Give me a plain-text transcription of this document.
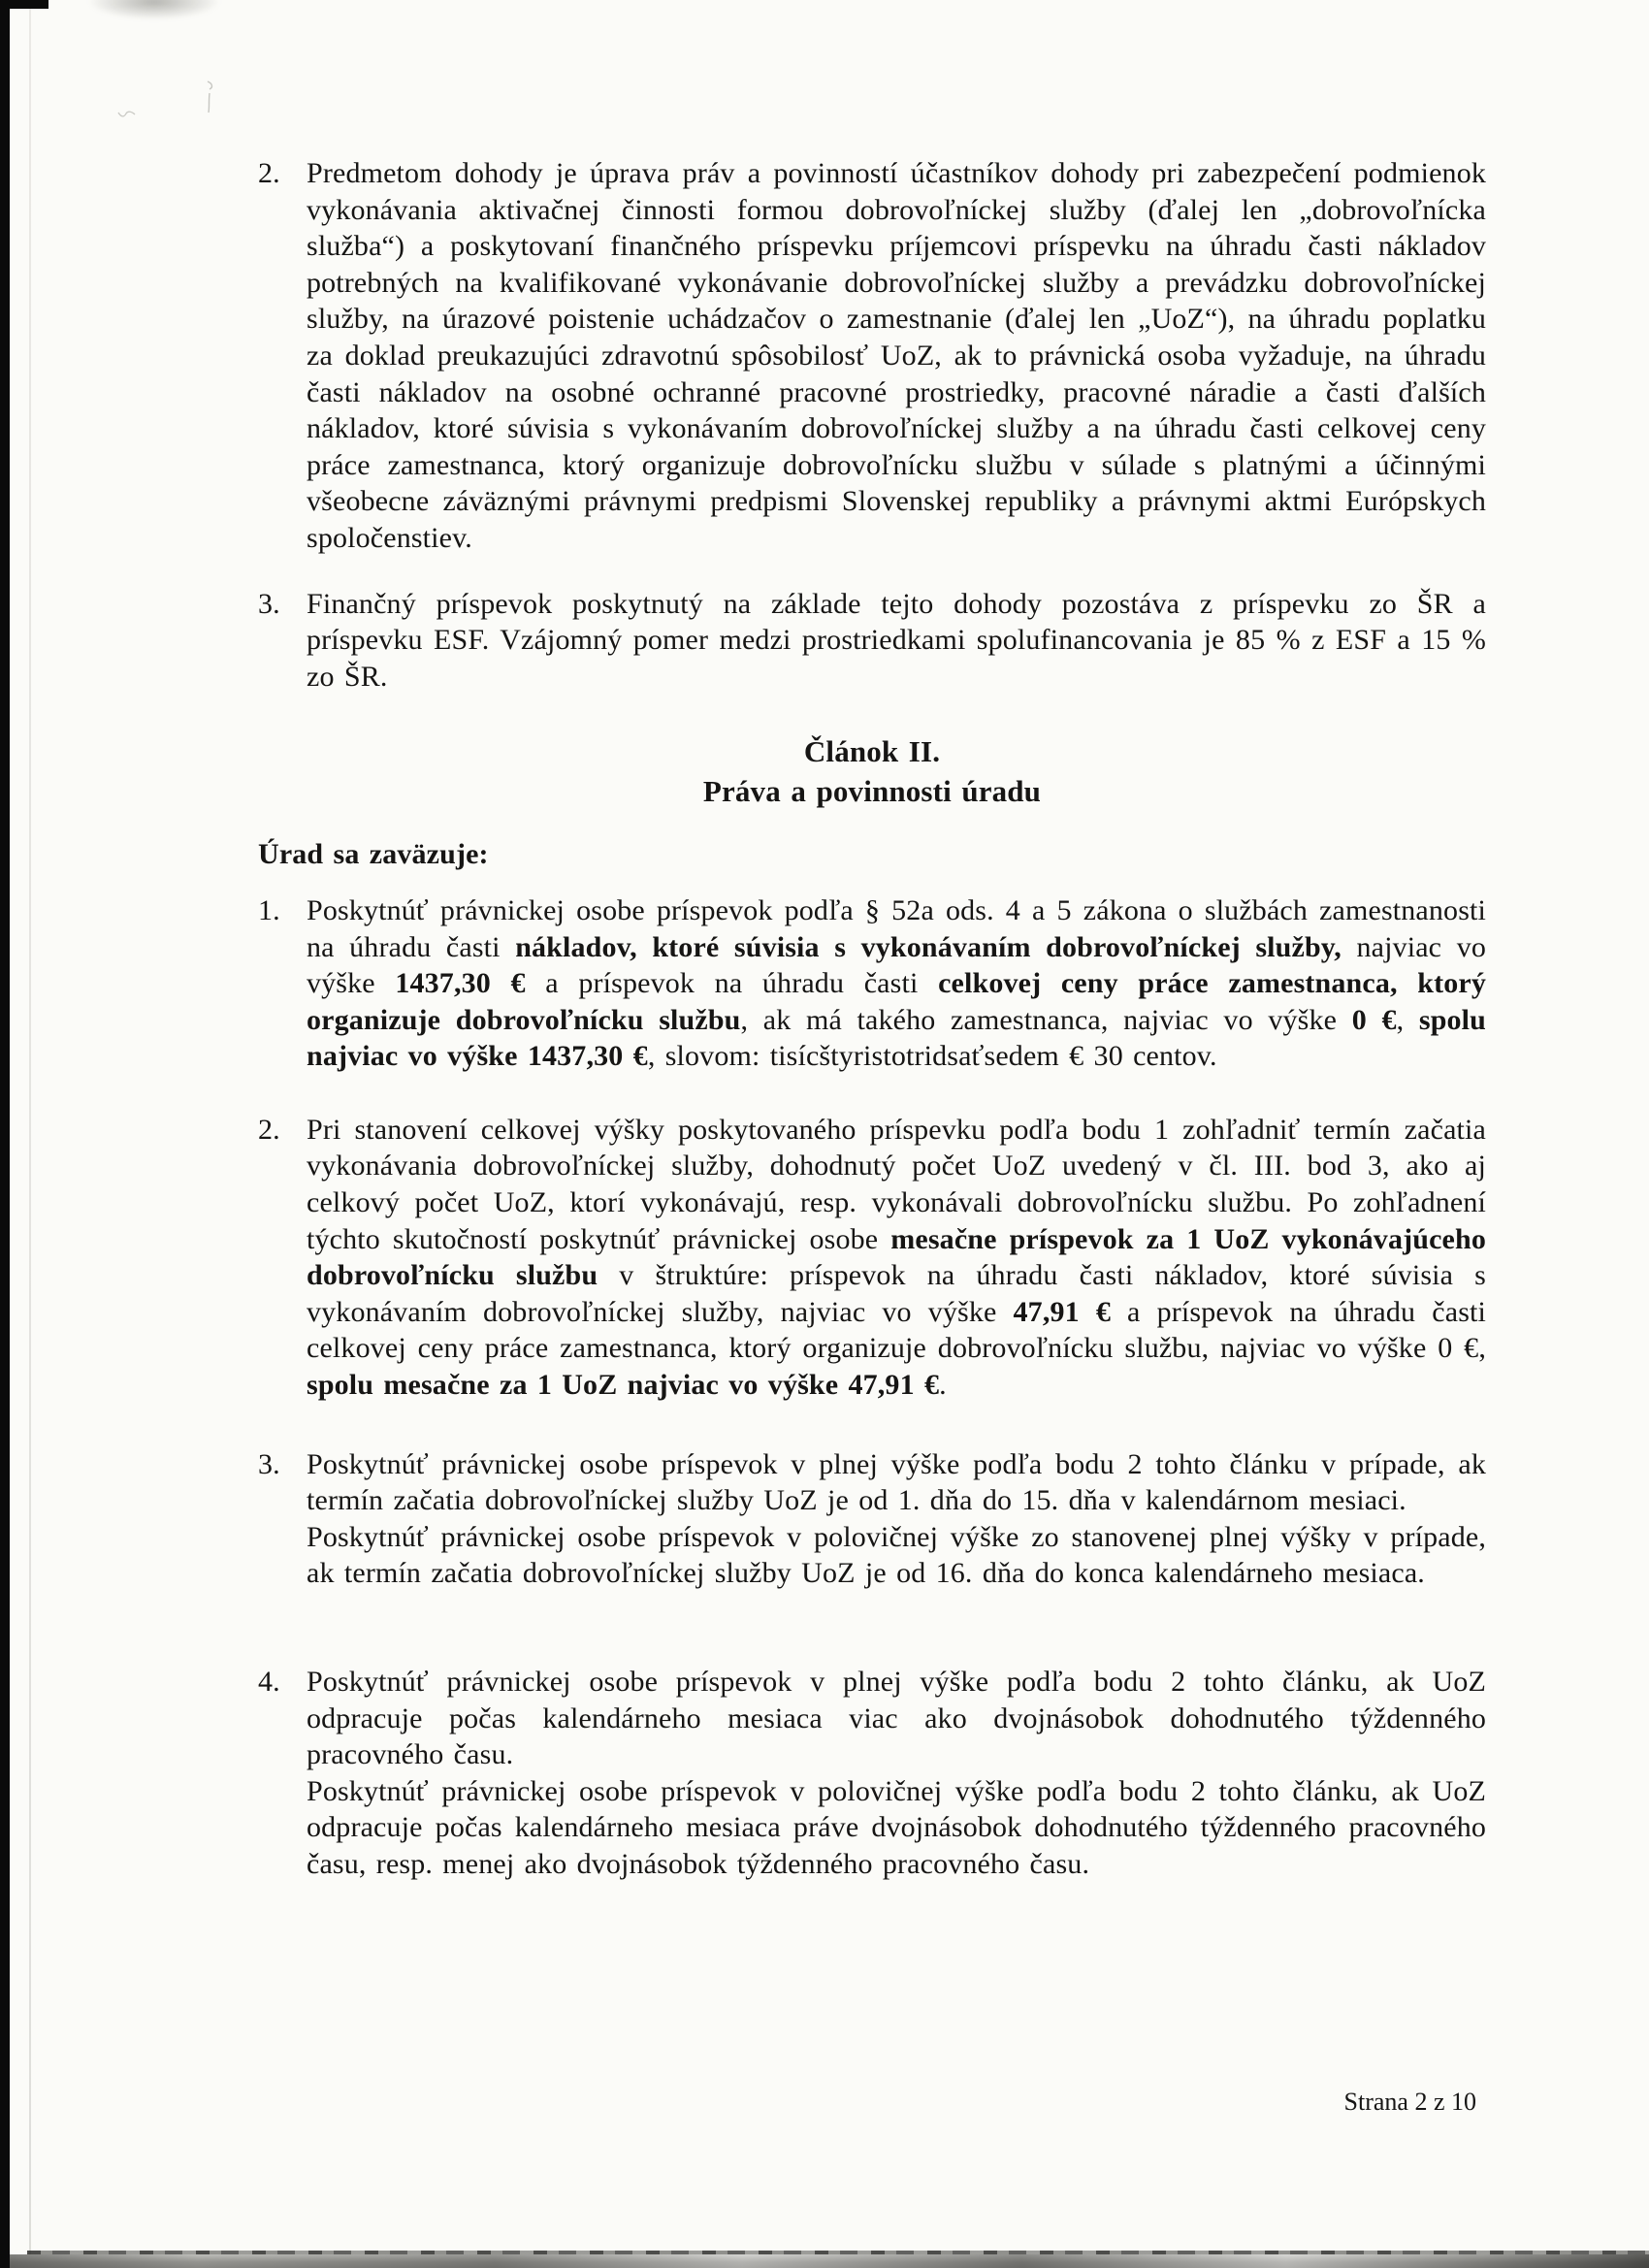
2. Predmetom dohody je úprava práv a povinností účastníkov dohody pri zabezpečení podmienok vykonávania aktivačnej činnosti formou dobrovoľníckej služby (ďalej len „dobrovoľnícka služba“) a poskytovaní finančného príspevku príjemcovi príspevku na úhradu časti nákladov potrebných na kvalifikované vykonávanie dobrovoľníckej služby a prevádzku dobrovoľníckej služby, na úrazové poistenie uchádzačov o zamestnanie (ďalej len „UoZ“), na úhradu poplatku za doklad preukazujúci zdravotnú spôsobilosť UoZ, ak to právnická osoba vyžaduje, na úhradu časti nákladov na osobné ochranné pracovné prostriedky, pracovné náradie a časti ďalších nákladov, ktoré súvisia s vykonávaním dobrovoľníckej služby a na úhradu časti celkovej ceny práce zamestnanca, ktorý organizuje dobrovoľnícku službu v súlade s platnými a účinnými všeobecne záväznými právnymi predpismi Slovenskej republiky a právnymi aktmi Európskych spoločenstiev.
3. Finančný príspevok poskytnutý na základe tejto dohody pozostáva z príspevku zo ŠR a príspevku ESF. Vzájomný pomer medzi prostriedkami spolufinancovania je 85 % z ESF a 15 % zo ŠR.
Článok II.
Práva a povinnosti úradu
Úrad sa zaväzuje:
1. Poskytnúť právnickej osobe príspevok podľa § 52a ods. 4 a 5 zákona o službách zamestnanosti na úhradu časti nákladov, ktoré súvisia s vykonávaním dobrovoľníckej služby, najviac vo výške 1437,30 € a príspevok na úhradu časti celkovej ceny práce zamestnanca, ktorý organizuje dobrovoľnícku službu, ak má takého zamestnanca, najviac vo výške 0 €, spolu najviac vo výške 1437,30 €, slovom: tisícštyristotridsaťsedem € 30 centov.
2. Pri stanovení celkovej výšky poskytovaného príspevku podľa bodu 1 zohľadniť termín začatia vykonávania dobrovoľníckej služby, dohodnutý počet UoZ uvedený v čl. III. bod 3, ako aj celkový počet UoZ, ktorí vykonávajú, resp. vykonávali dobrovoľnícku službu. Po zohľadnení týchto skutočností poskytnúť právnickej osobe mesačne príspevok za 1 UoZ vykonávajúceho dobrovoľnícku službu v štruktúre: príspevok na úhradu časti nákladov, ktoré súvisia s vykonávaním dobrovoľníckej služby, najviac vo výške 47,91 € a príspevok na úhradu časti celkovej ceny práce zamestnanca, ktorý organizuje dobrovoľnícku službu, najviac vo výške 0 €, spolu mesačne za 1 UoZ najviac vo výške 47,91 €.
3. Poskytnúť právnickej osobe príspevok v plnej výške podľa bodu 2 tohto článku v prípade, ak termín začatia dobrovoľníckej služby UoZ je od 1. dňa do 15. dňa v kalendárnom mesiaci.
Poskytnúť právnickej osobe príspevok v polovičnej výške zo stanovenej plnej výšky v prípade, ak termín začatia dobrovoľníckej služby UoZ je od 16. dňa do konca kalendárneho mesiaca.
4. Poskytnúť právnickej osobe príspevok v plnej výške podľa bodu 2 tohto článku, ak UoZ odpracuje počas kalendárneho mesiaca viac ako dvojnásobok dohodnutého týždenného pracovného času.
Poskytnúť právnickej osobe príspevok v polovičnej výške podľa bodu 2 tohto článku, ak UoZ odpracuje počas kalendárneho mesiaca práve dvojnásobok dohodnutého týždenného pracovného času, resp. menej ako dvojnásobok týždenného pracovného času.
Strana 2 z 10
